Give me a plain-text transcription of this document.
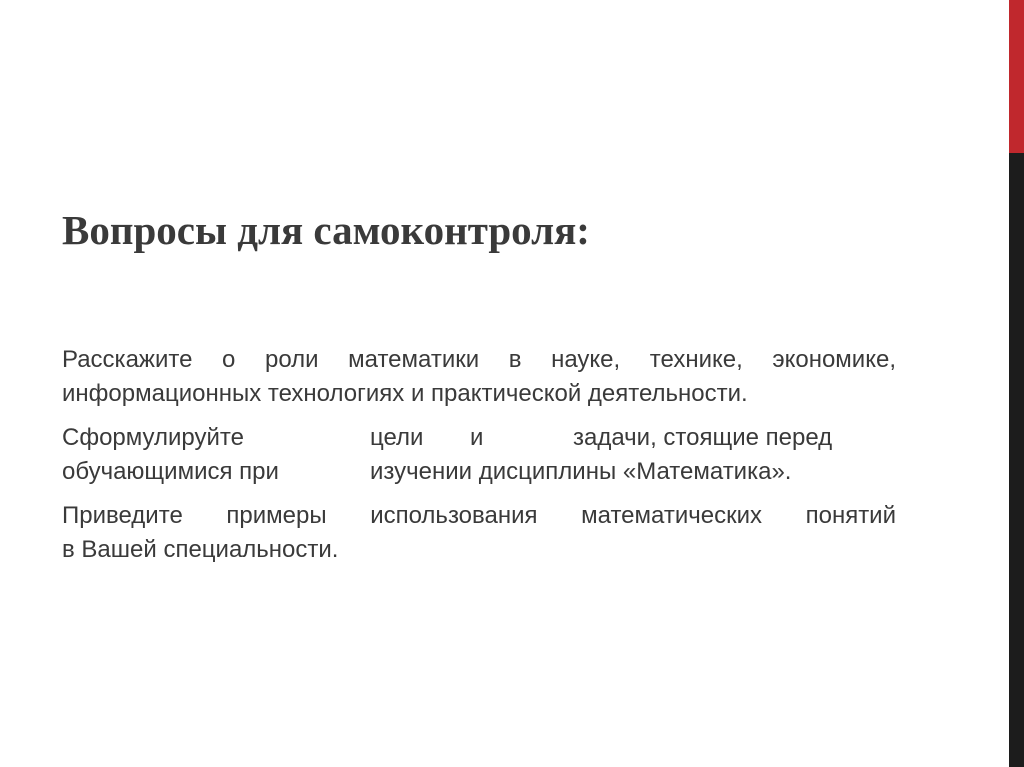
Вопросы для самоконтроля:

Расскажите о роли математики в науке, технике, экономике,
информационных технологиях и практической деятельности.

Сформулируйте	цели и	задачи, стоящие перед
обучающимися при	изучении дисциплины «Математика».

Приведите примеры использования математических понятий
в Вашей специальности.
